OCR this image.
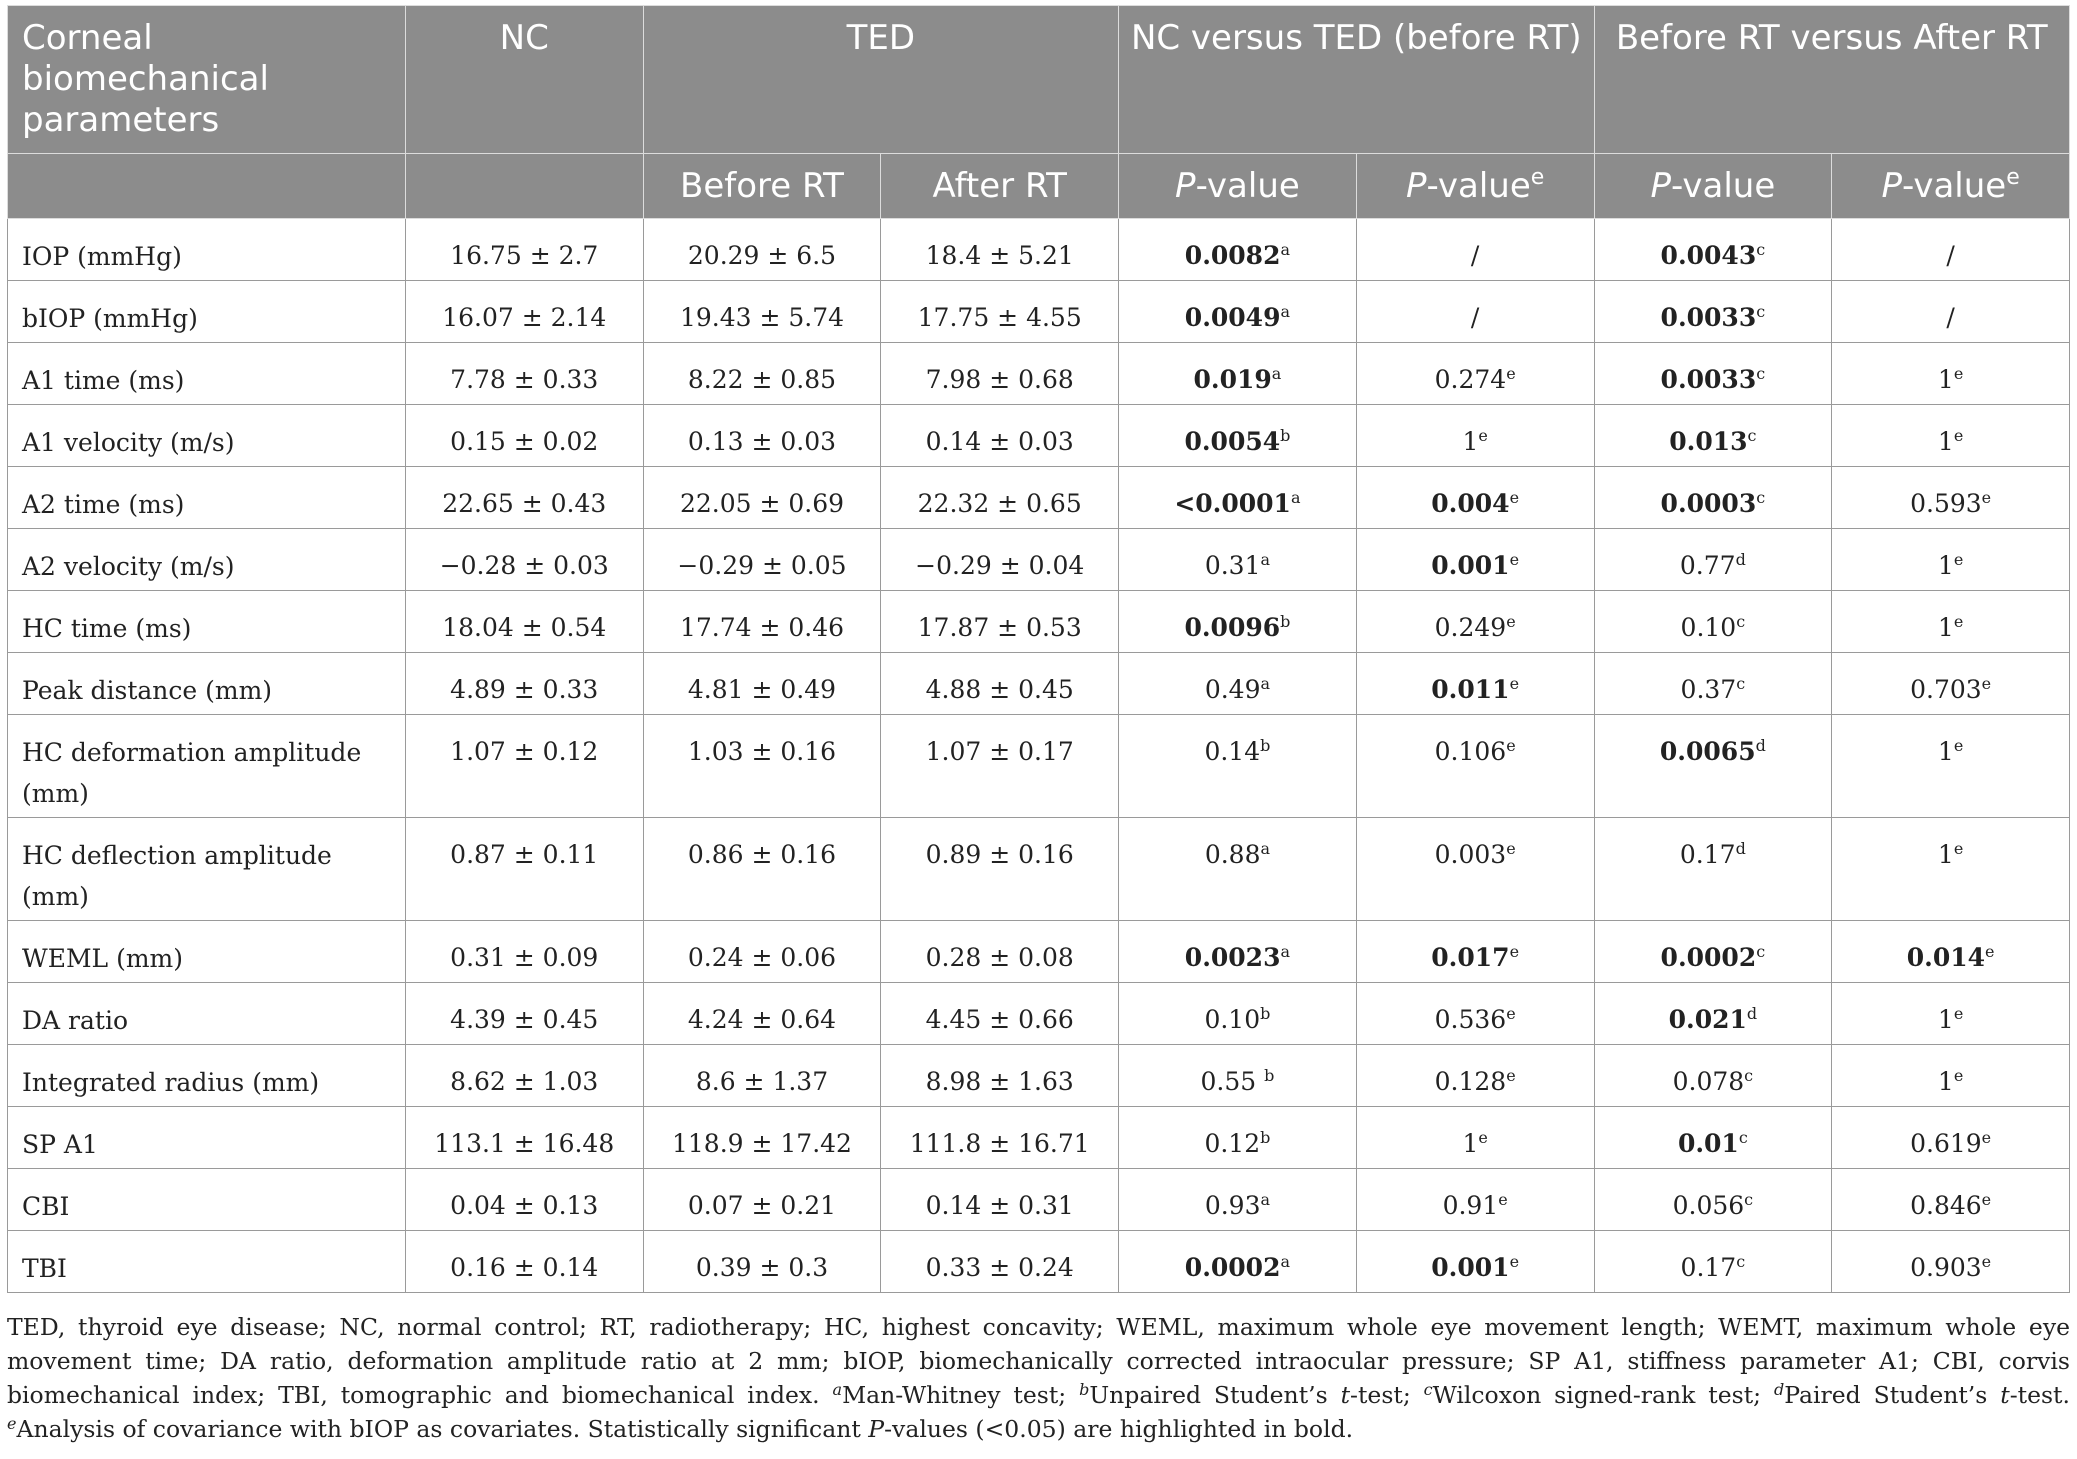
Corneal biomechanical parameters	NC	TED		NC versus TED (before RT)		Before RT versus After RT	
		Before RT	After RT	P-value	P-value$^e$	P-value	P-value$^e$

IOP (mmHg)	16.75 ± 2.7	20.29 ± 6.5	18.4 ± 5.21	0.0082$^a$	/	0.0043$^c$	/

bIOP (mmHg)	16.07 ± 2.14	19.43 ± 5.74	17.75 ± 4.55	0.0049$^a$	/	0.0033$^c$	/

A1 time (ms)	7.78 ± 0.33	8.22 ± 0.85	7.98 ± 0.68	0.019$^a$	0.274e	0.0033$^c$	1e

A1 velocity (m/s)	0.15 ± 0.02	0.13 ± 0.03	0.14 ± 0.03	0.0054$^b$	1e	0.013$^c$	1e

A2 time (ms)	22.65 ± 0.43	22.05 ± 0.69	22.32 ± 0.65	<0.0001$^a$	0.004e	0.0003$^c$	0.593e

A2 velocity (m/s)	−0.28 ± 0.03	−0.29 ± 0.05	−0.29 ± 0.04	0.31$^a$	0.001e	0.77$^d$	1e

HC time (ms)	18.04 ± 0.54	17.74 ± 0.46	17.87 ± 0.53	0.0096$^b$	0.249e	0.10$^c$	1e

Peak distance (mm)	4.89 ± 0.33	4.81 ± 0.49	4.88 ± 0.45	0.49$^a$	0.011e	0.37$^c$	0.703e

HC deformation amplitude
(mm)	1.07 ± 0.12	1.03 ± 0.16	1.07 ± 0.17	0.14$^b$	0.106e	0.0065$^d$	1e

HC deflection amplitude
(mm)	0.87 ± 0.11	0.86 ± 0.16	0.89 ± 0.16	0.88$^a$	0.003e	0.17$^d$	1e

WEML (mm)	0.31 ± 0.09	0.24 ± 0.06	0.28 ± 0.08	0.0023$^a$	0.017e	0.0002$^c$	0.014e

DA ratio	4.39 ± 0.45	4.24 ± 0.64	4.45 ± 0.66	0.10$^b$	0.536e	0.021$^d$	1e

Integrated radius (mm)	8.62 ± 1.03	8.6 ± 1.37	8.98 ± 1.63	0.55 $^b$	0.128e	0.078$^c$	1e

SP A1	113.1 ± 16.48	118.9 ± 17.42	111.8 ± 16.71	0.12$^b$	1e	0.01$^c$	0.619e

CBI	0.04 ± 0.13	0.07 ± 0.21	0.14 ± 0.31	0.93$^a$	0.91e	0.056$^c$	0.846e

TBI	0.16 ± 0.14	0.39 ± 0.3	0.33 ± 0.24	0.0002$^a$	0.001e	0.17$^c$	0.903e
TED, thyroid eye disease; NC, normal control; RT, radiotherapy; HC, highest concavity; WEML, maximum whole eye movement length; WEMT, maximum whole eye movement time; DA ratio, deformation amplitude ratio at 2 mm; bIOP, biomechanically corrected intraocular pressure; SP A1, stiffness parameter A1; CBI, corvis biomechanical index; TBI, tomographic and biomechanical index. $^a$Man-Whitney test; $^b$Unpaired Student’s t-test; $^c$Wilcoxon signed-rank test; $^d$Paired Student’s t-test. $^e$Analysis of covariance with bIOP as covariates. Statistically significant P-values (<0.05) are highlighted in bold.
